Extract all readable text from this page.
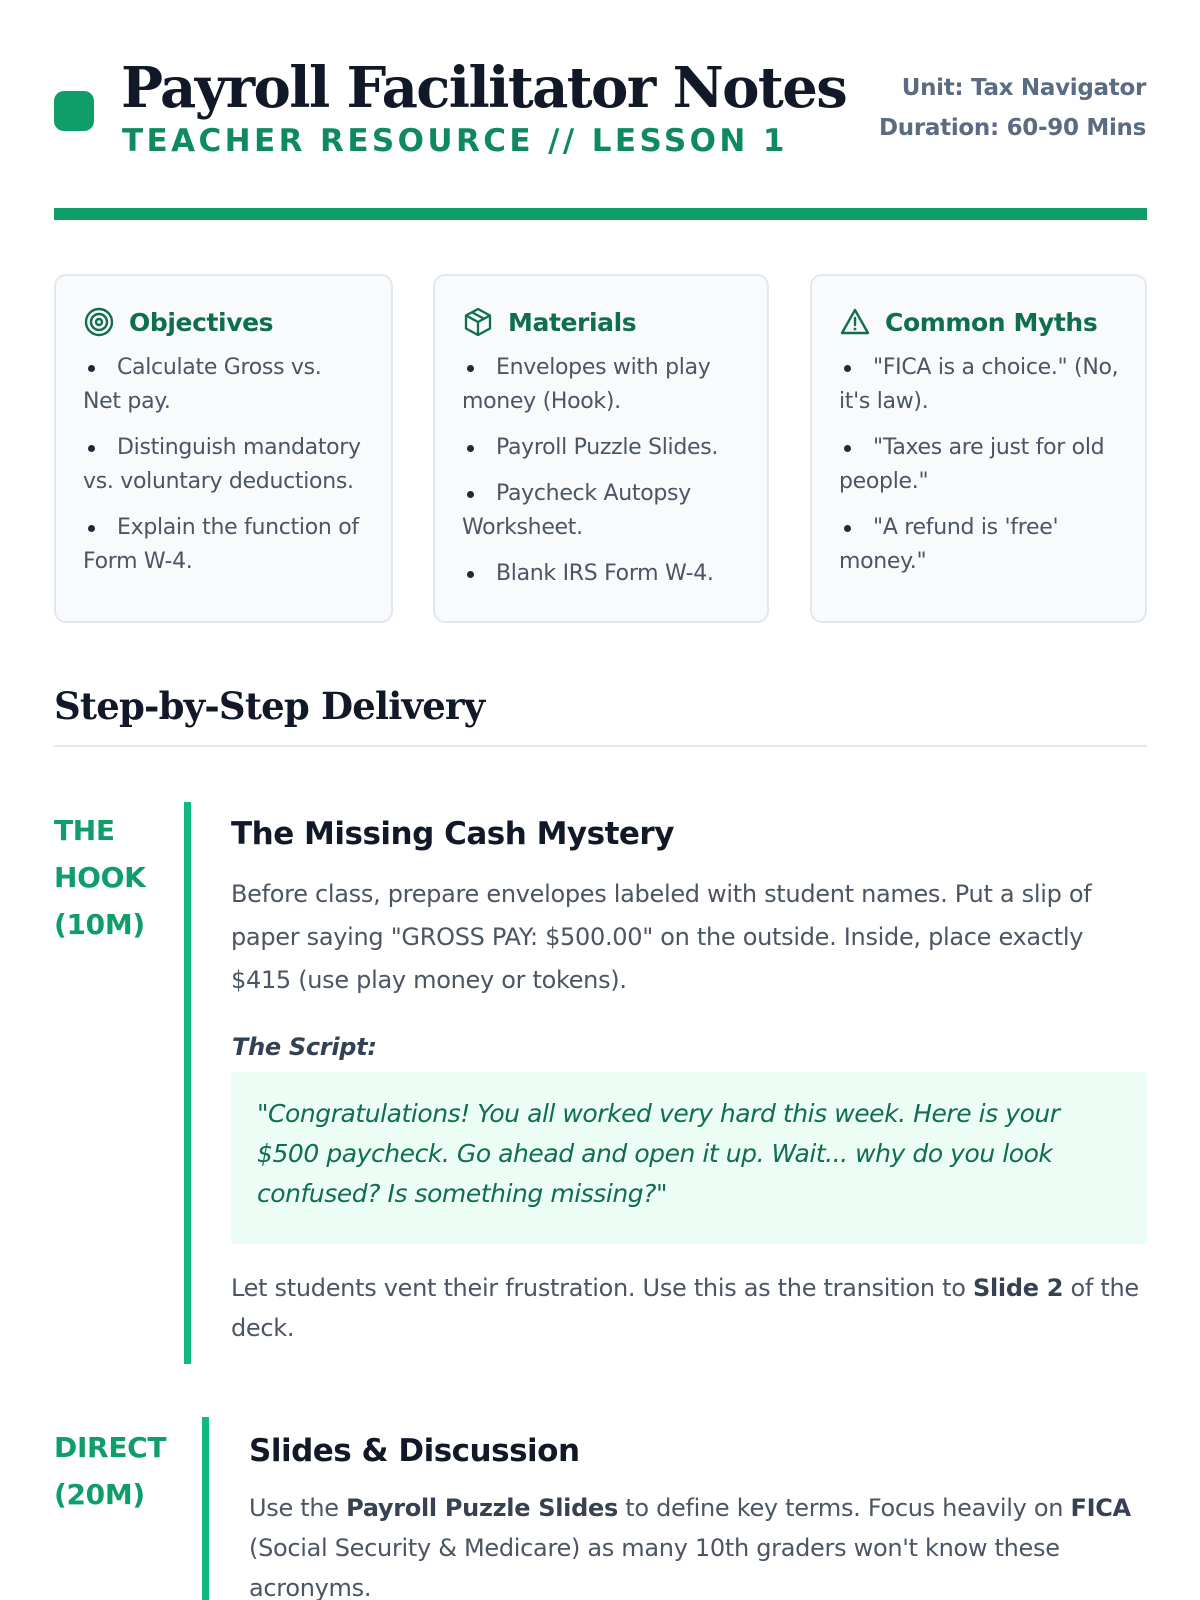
Payroll Facilitator Notes
TEACHER RESOURCE // LESSON 1
Unit: Tax Navigator
Duration: 60-90 Mins
Objectives
Calculate Gross vs. Net pay.
Distinguish mandatory vs. voluntary deductions.
Explain the function of Form W-4.
Materials
Envelopes with play money (Hook).
Payroll Puzzle Slides.
Paycheck Autopsy Worksheet.
Blank IRS Form W-4.
Common Myths
"FICA is a choice." (No, it's law).
"Taxes are just for old people."
"A refund is 'free' money."
Step-by-Step Delivery
THE
HOOK
(10M)
The Missing Cash Mystery

Before class, prepare envelopes labeled with student names. Put a slip of paper saying "GROSS PAY: $500.00" on the outside. Inside, place exactly $415 (use play money or tokens).

The Script:
"Congratulations! You all worked very hard this week. Here is your $500 paycheck. Go ahead and open it up. Wait... why do you look confused? Is something missing?"

Let students vent their frustration. Use this as the transition to Slide 2 of the deck.

DIRECT
(20M)
Slides & Discussion

Use the Payroll Puzzle Slides to define key terms. Focus heavily on FICA (Social Security & Medicare) as many 10th graders won't know these acronyms.
